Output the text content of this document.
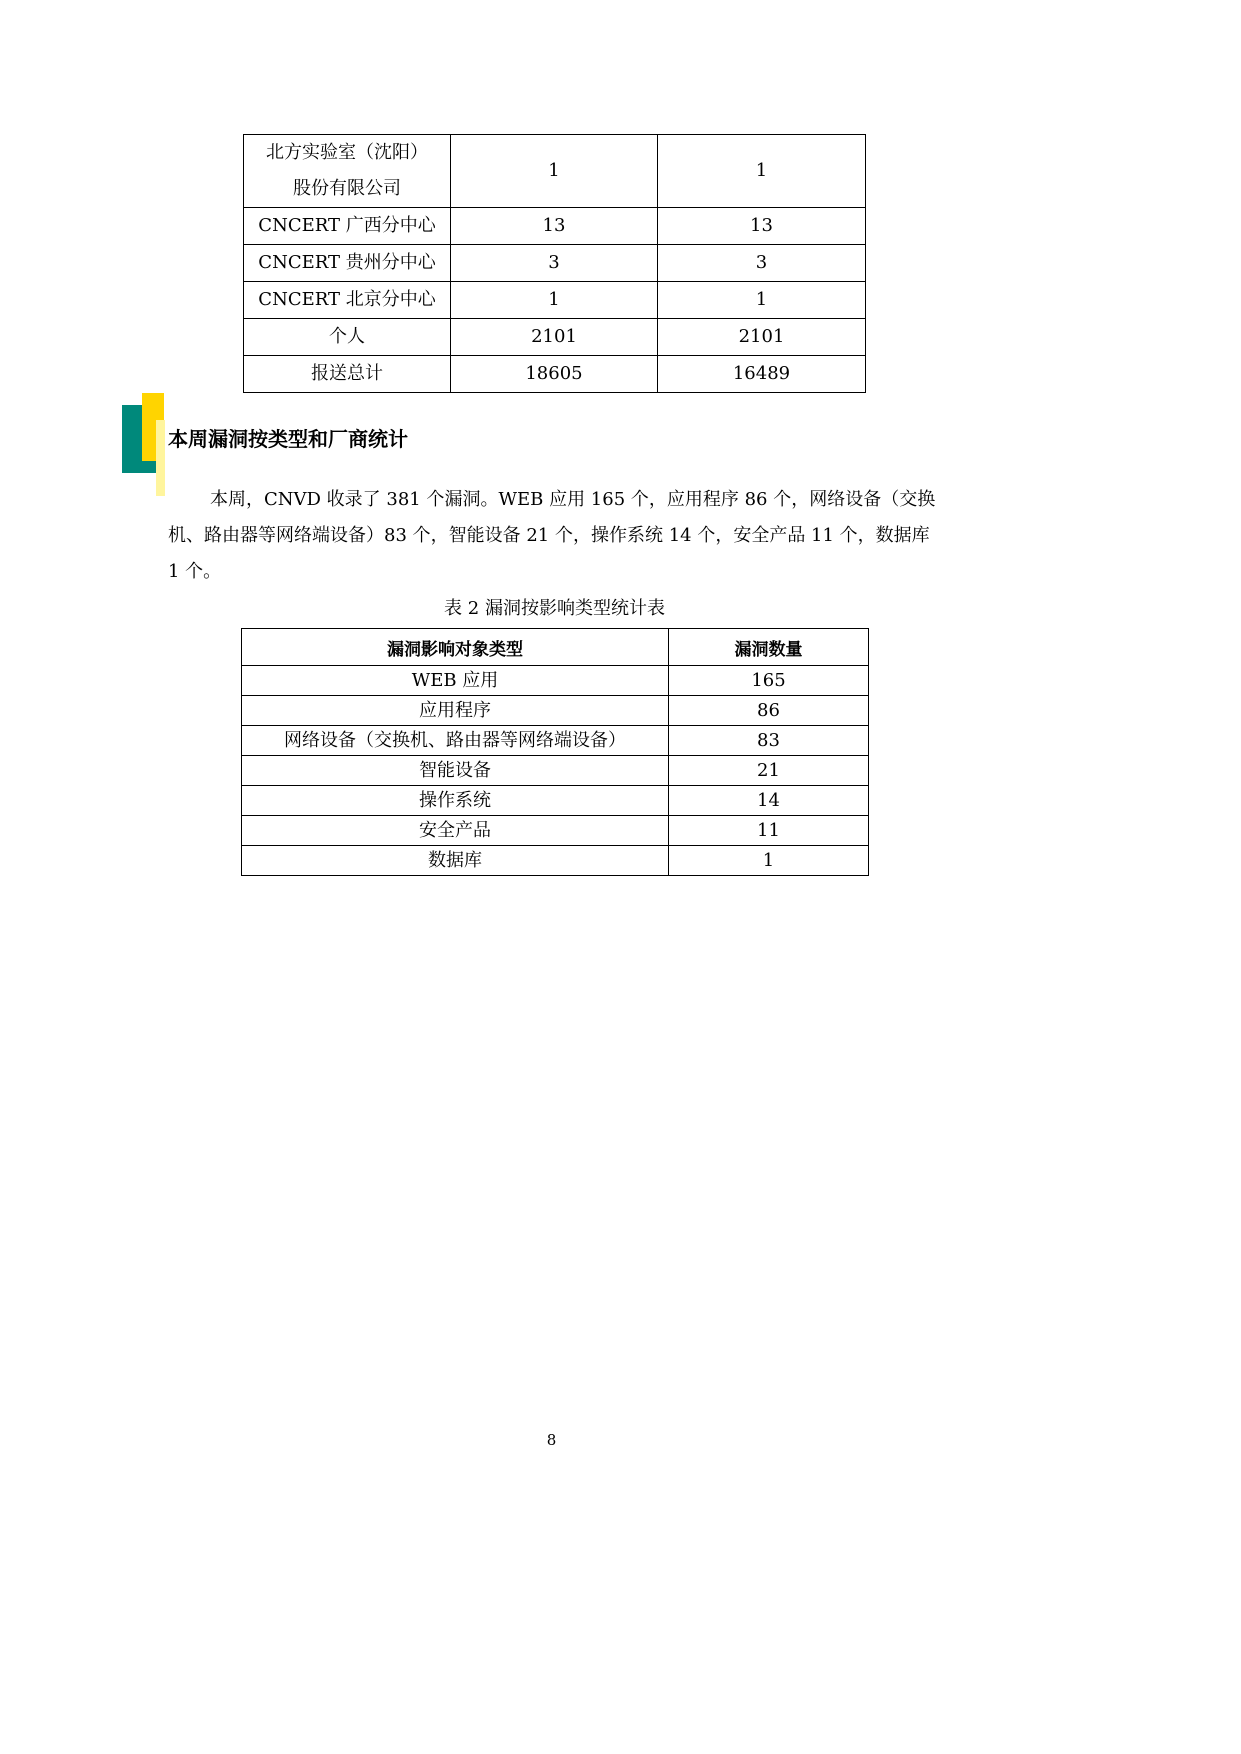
北方实验室（沈阳）
股份有限公司	1	1
CNCERT 广西分中心	13	13
CNCERT 贵州分中心	3	3
CNCERT 北京分中心	1	1
个人	2101	2101
报送总计	18605	16489
本周漏洞按类型和厂商统计

本周，CNVD 收录了 381 个漏洞。WEB 应用 165 个，应用程序 86 个，网络设备（交换机、路由器等网络端设备）83 个，智能设备 21 个，操作系统 14 个，安全产品 11 个，数据库 1 个。

表 2 漏洞按影响类型统计表

漏洞影响对象类型	漏洞数量
WEB 应用	165
应用程序	86
网络设备（交换机、路由器等网络端设备）	83
智能设备	21
操作系统	14
安全产品	11
数据库	1
8
